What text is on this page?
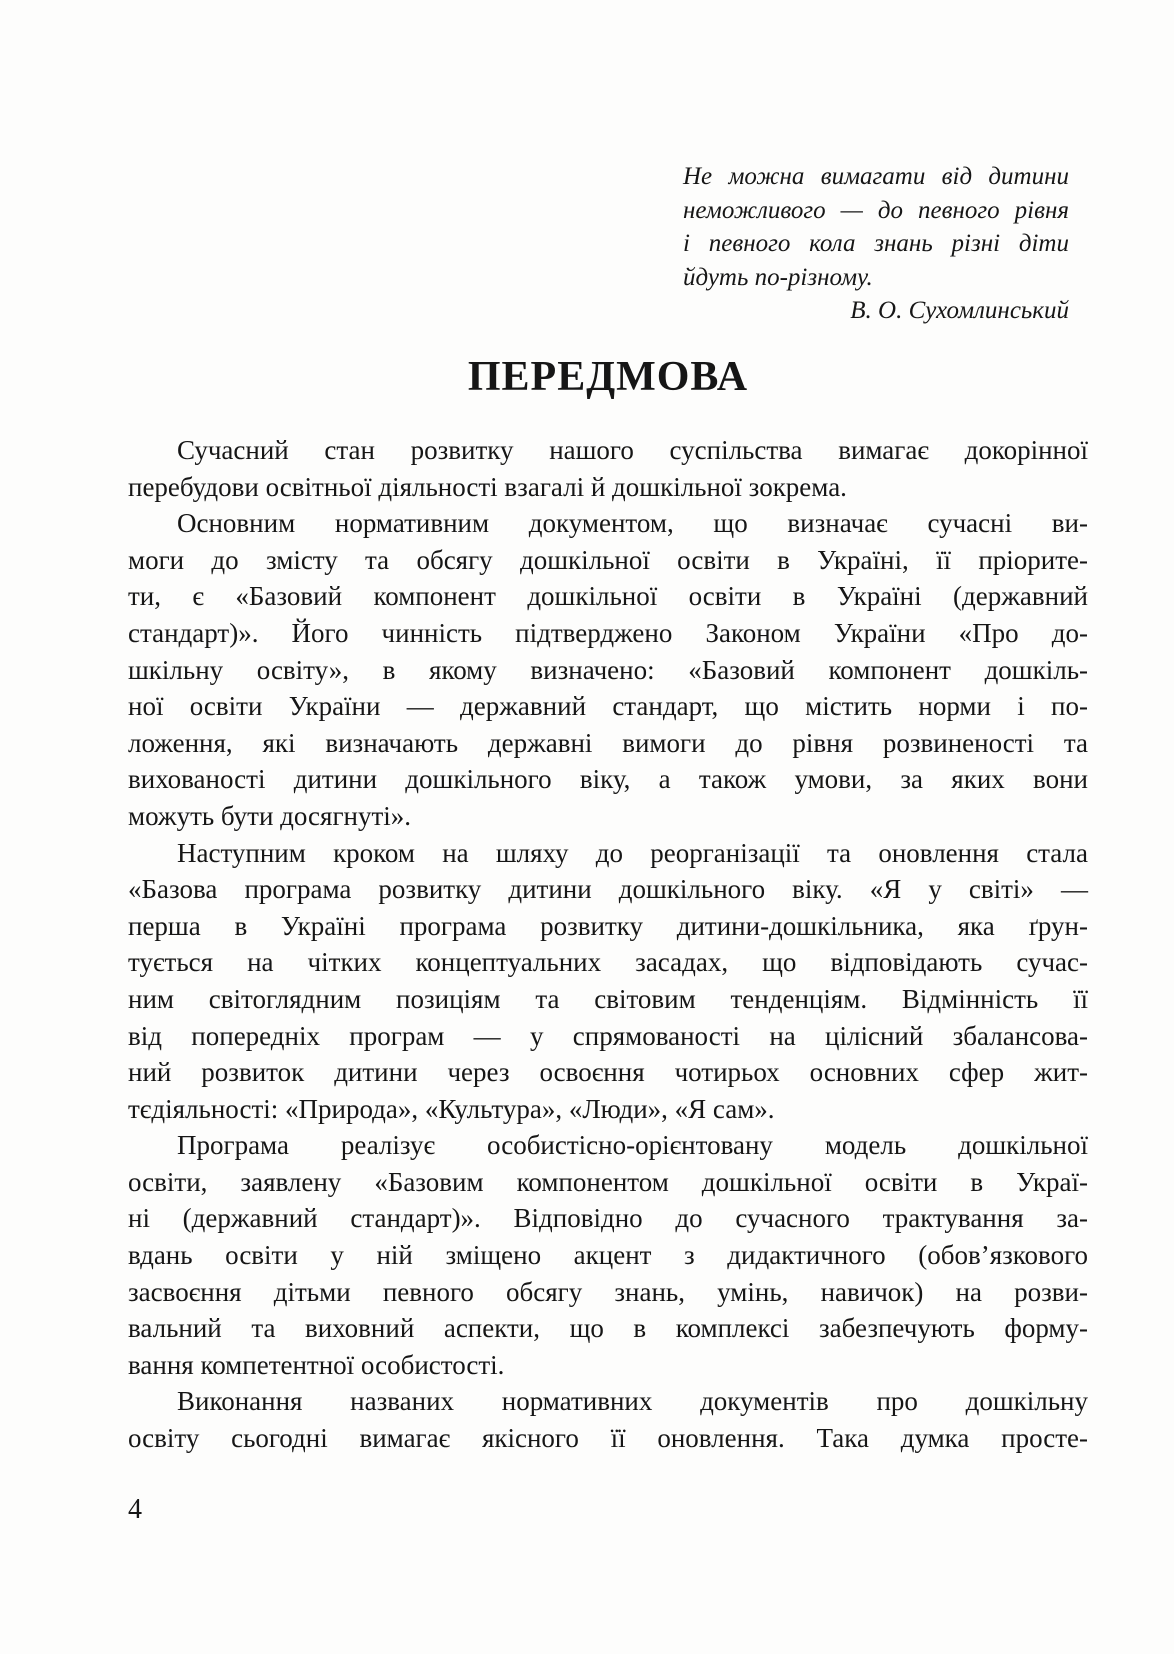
Не можна вимагати від дитини
неможливого — до певного рівня
і певного кола знань різні діти
йдуть по-різному.
В. О. Сухомлинський
ПЕРЕДМОВА
Сучасний стан розвитку нашого суспільства вимагає докорінної
перебудови освітньої діяльності взагалі й дошкільної зокрема.
Основним нормативним документом, що визначає сучасні ви-
моги до змісту та обсягу дошкільної освіти в Україні, її пріорите-
ти, є «Базовий компонент дошкільної освіти в Україні (державний
стандарт)». Його чинність підтверджено Законом України «Про до-
шкільну освіту», в якому визначено: «Базовий компонент дошкіль-
ної освіти України — державний стандарт, що містить норми і по-
ложення, які визначають державні вимоги до рівня розвиненості та
вихованості дитини дошкільного віку, а також умови, за яких вони
можуть бути досягнуті».
Наступним кроком на шляху до реорганізації та оновлення стала
«Базова програма розвитку дитини дошкільного віку. «Я у світі» —
перша в Україні програма розвитку дитини-дошкільника, яка ґрун-
тується на чітких концептуальних засадах, що відповідають сучас-
ним світоглядним позиціям та світовим тенденціям. Відмінність її
від попередніх програм — у спрямованості на цілісний збалансова-
ний розвиток дитини через освоєння чотирьох основних сфер жит-
тєдіяльності: «Природа», «Культура», «Люди», «Я сам».
Програма реалізує особистісно-орієнтовану модель дошкільної
освіти, заявлену «Базовим компонентом дошкільної освіти в Украї-
ні (державний стандарт)». Відповідно до сучасного трактування за-
вдань освіти у ній зміщено акцент з дидактичного (обов’язкового
засвоєння дітьми певного обсягу знань, умінь, навичок) на розви-
вальний та виховний аспекти, що в комплексі забезпечують форму-
вання компетентної особистості.
Виконання названих нормативних документів про дошкільну
освіту сьогодні вимагає якісного її оновлення. Така думка просте-
4
